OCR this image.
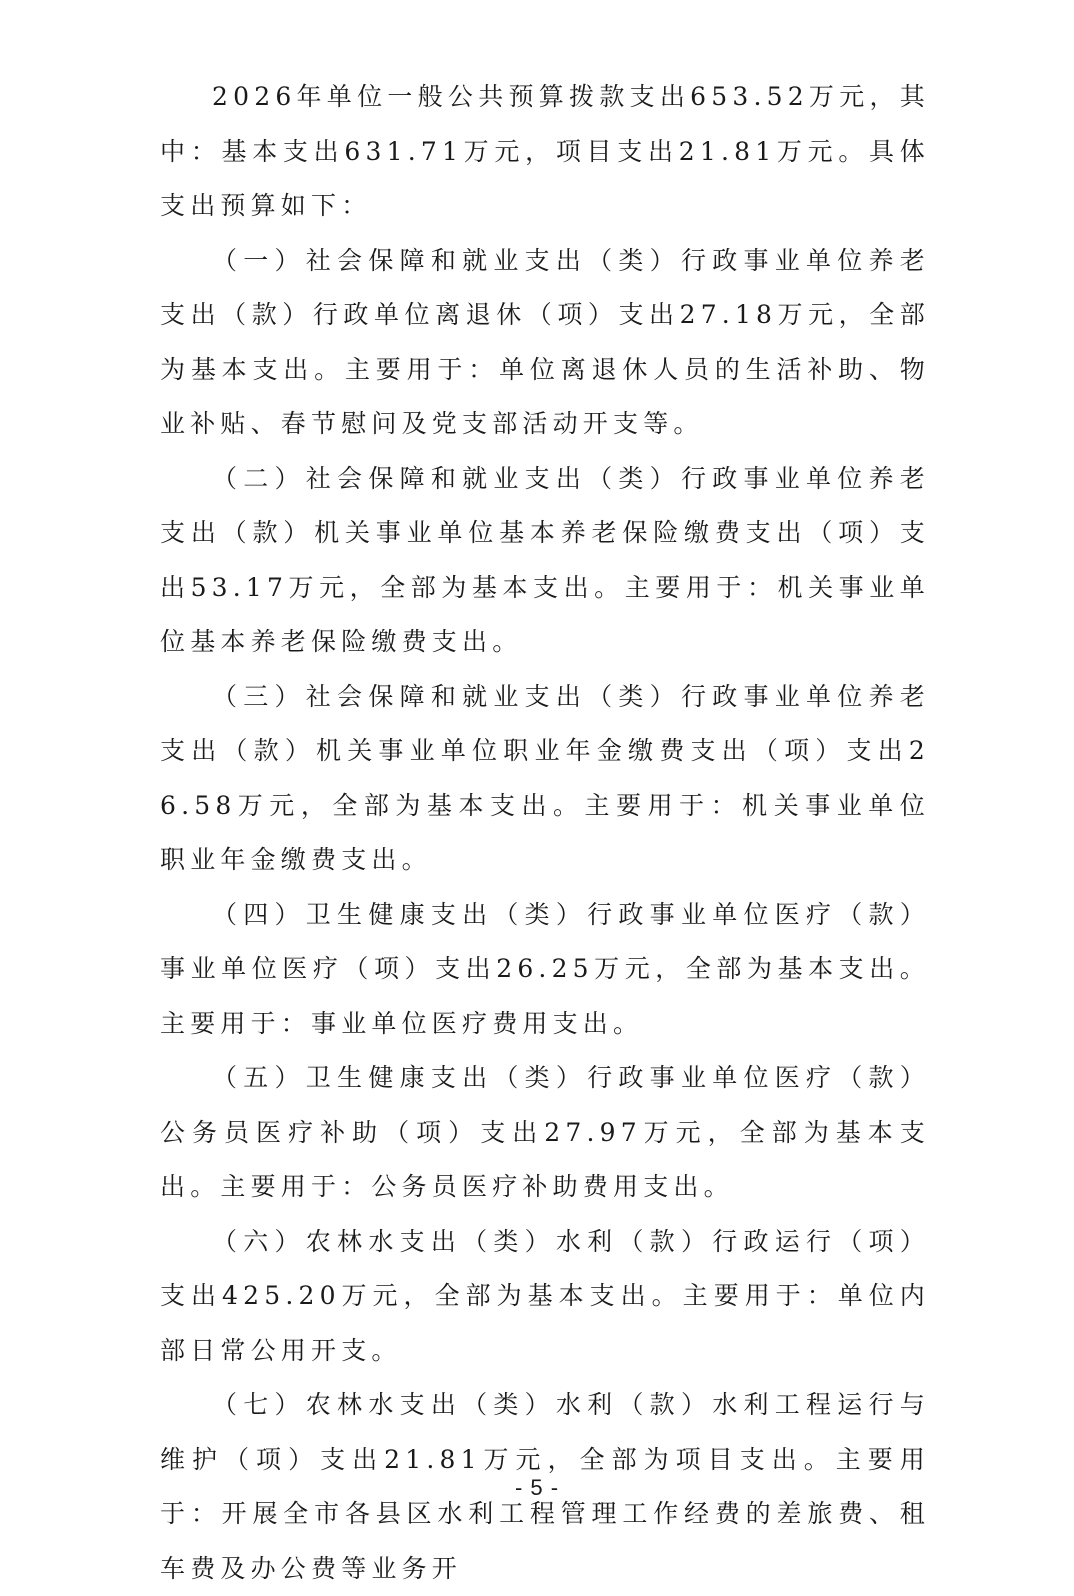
2026年单位一般公共预算拨款支出653.52万元，其中：基本支出631.71万元，项目支出21.81万元。具体支出预算如下：

（一）社会保障和就业支出（类）行政事业单位养老支出（款）行政单位离退休（项）支出27.18万元，全部为基本支出。主要用于：单位离退休人员的生活补助、物业补贴、春节慰问及党支部活动开支等。

（二）社会保障和就业支出（类）行政事业单位养老支出（款）机关事业单位基本养老保险缴费支出（项）支出53.17万元，全部为基本支出。主要用于：机关事业单位基本养老保险缴费支出。

（三）社会保障和就业支出（类）行政事业单位养老支出（款）机关事业单位职业年金缴费支出（项）支出26.58万元，全部为基本支出。主要用于：机关事业单位职业年金缴费支出。

（四）卫生健康支出（类）行政事业单位医疗（款）事业单位医疗（项）支出26.25万元，全部为基本支出。主要用于：事业单位医疗费用支出。

（五）卫生健康支出（类）行政事业单位医疗（款）公务员医疗补助（项）支出27.97万元，全部为基本支出。主要用于：公务员医疗补助费用支出。

（六）农林水支出（类）水利（款）行政运行（项）支出425.20万元，全部为基本支出。主要用于：单位内部日常公用开支。

（七）农林水支出（类）水利（款）水利工程运行与维护（项）支出21.81万元，全部为项目支出。主要用于：开展全市各县区水利工程管理工作经费的差旅费、租车费及办公费等业务开

- 5 -
